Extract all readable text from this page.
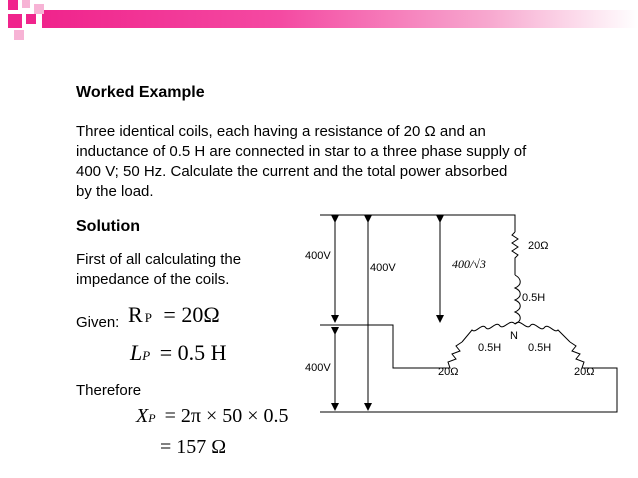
Worked Example
Three identical coils, each having a resistance of 20 Ω and an
inductance of 0.5 H are connected in star to a three phase supply of
400 V; 50 Hz. Calculate the current and the total power absorbed
by the load.
Solution
First of all calculating the
impedance of the coils.
Given: R P = 20Ω
LP = 0.5 H
Therefore
XP = 2π × 50 × 0.5
= 157 Ω
400V
400V	400/√3
400V
20Ω
0.5H
N
0.5H 0.5H
20Ω	20Ω
